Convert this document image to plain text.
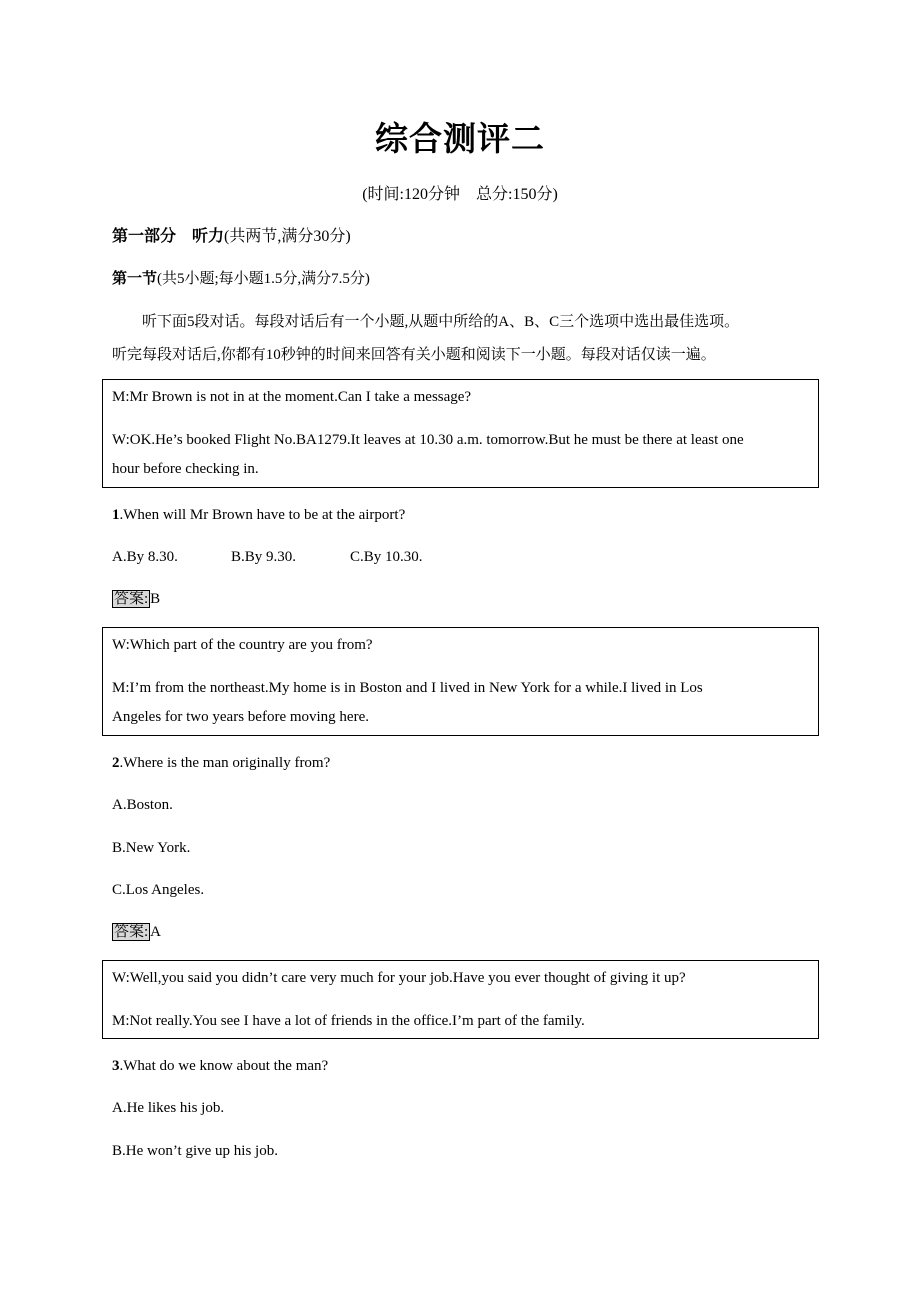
综合测评二
(时间:120分钟　总分:150分)
第一部分　听力(共两节,满分30分)
第一节(共5小题;每小题1.5分,满分7.5分)
　　听下面5段对话。每段对话后有一个小题,从题中所给的A、B、C三个选项中选出最佳选项。
听完每段对话后,你都有10秒钟的时间来回答有关小题和阅读下一小题。每段对话仅读一遍。
M:Mr Brown is not in at the moment.Can I take a message?
W:OK.He’s booked Flight No.BA1279.It leaves at 10.30 a.m. tomorrow.But he must be there at least one
hour before checking in.
1.When will Mr Brown have to be at the airport?
A.By 8.30.	B.By 9.30.	C.By 10.30.
答案: B
W:Which part of the country are you from?
M:I’m from the northeast.My home is in Boston and I lived in New York for a while.I lived in Los
Angeles for two years before moving here.
2.Where is the man originally from?
A.Boston.
B.New York.
C.Los Angeles.
答案: A
W:Well,you said you didn’t care very much for your job.Have you ever thought of giving it up?
M:Not really.You see I have a lot of friends in the office.I’m part of the family.
3.What do we know about the man?
A.He likes his job.
B.He won’t give up his job.
